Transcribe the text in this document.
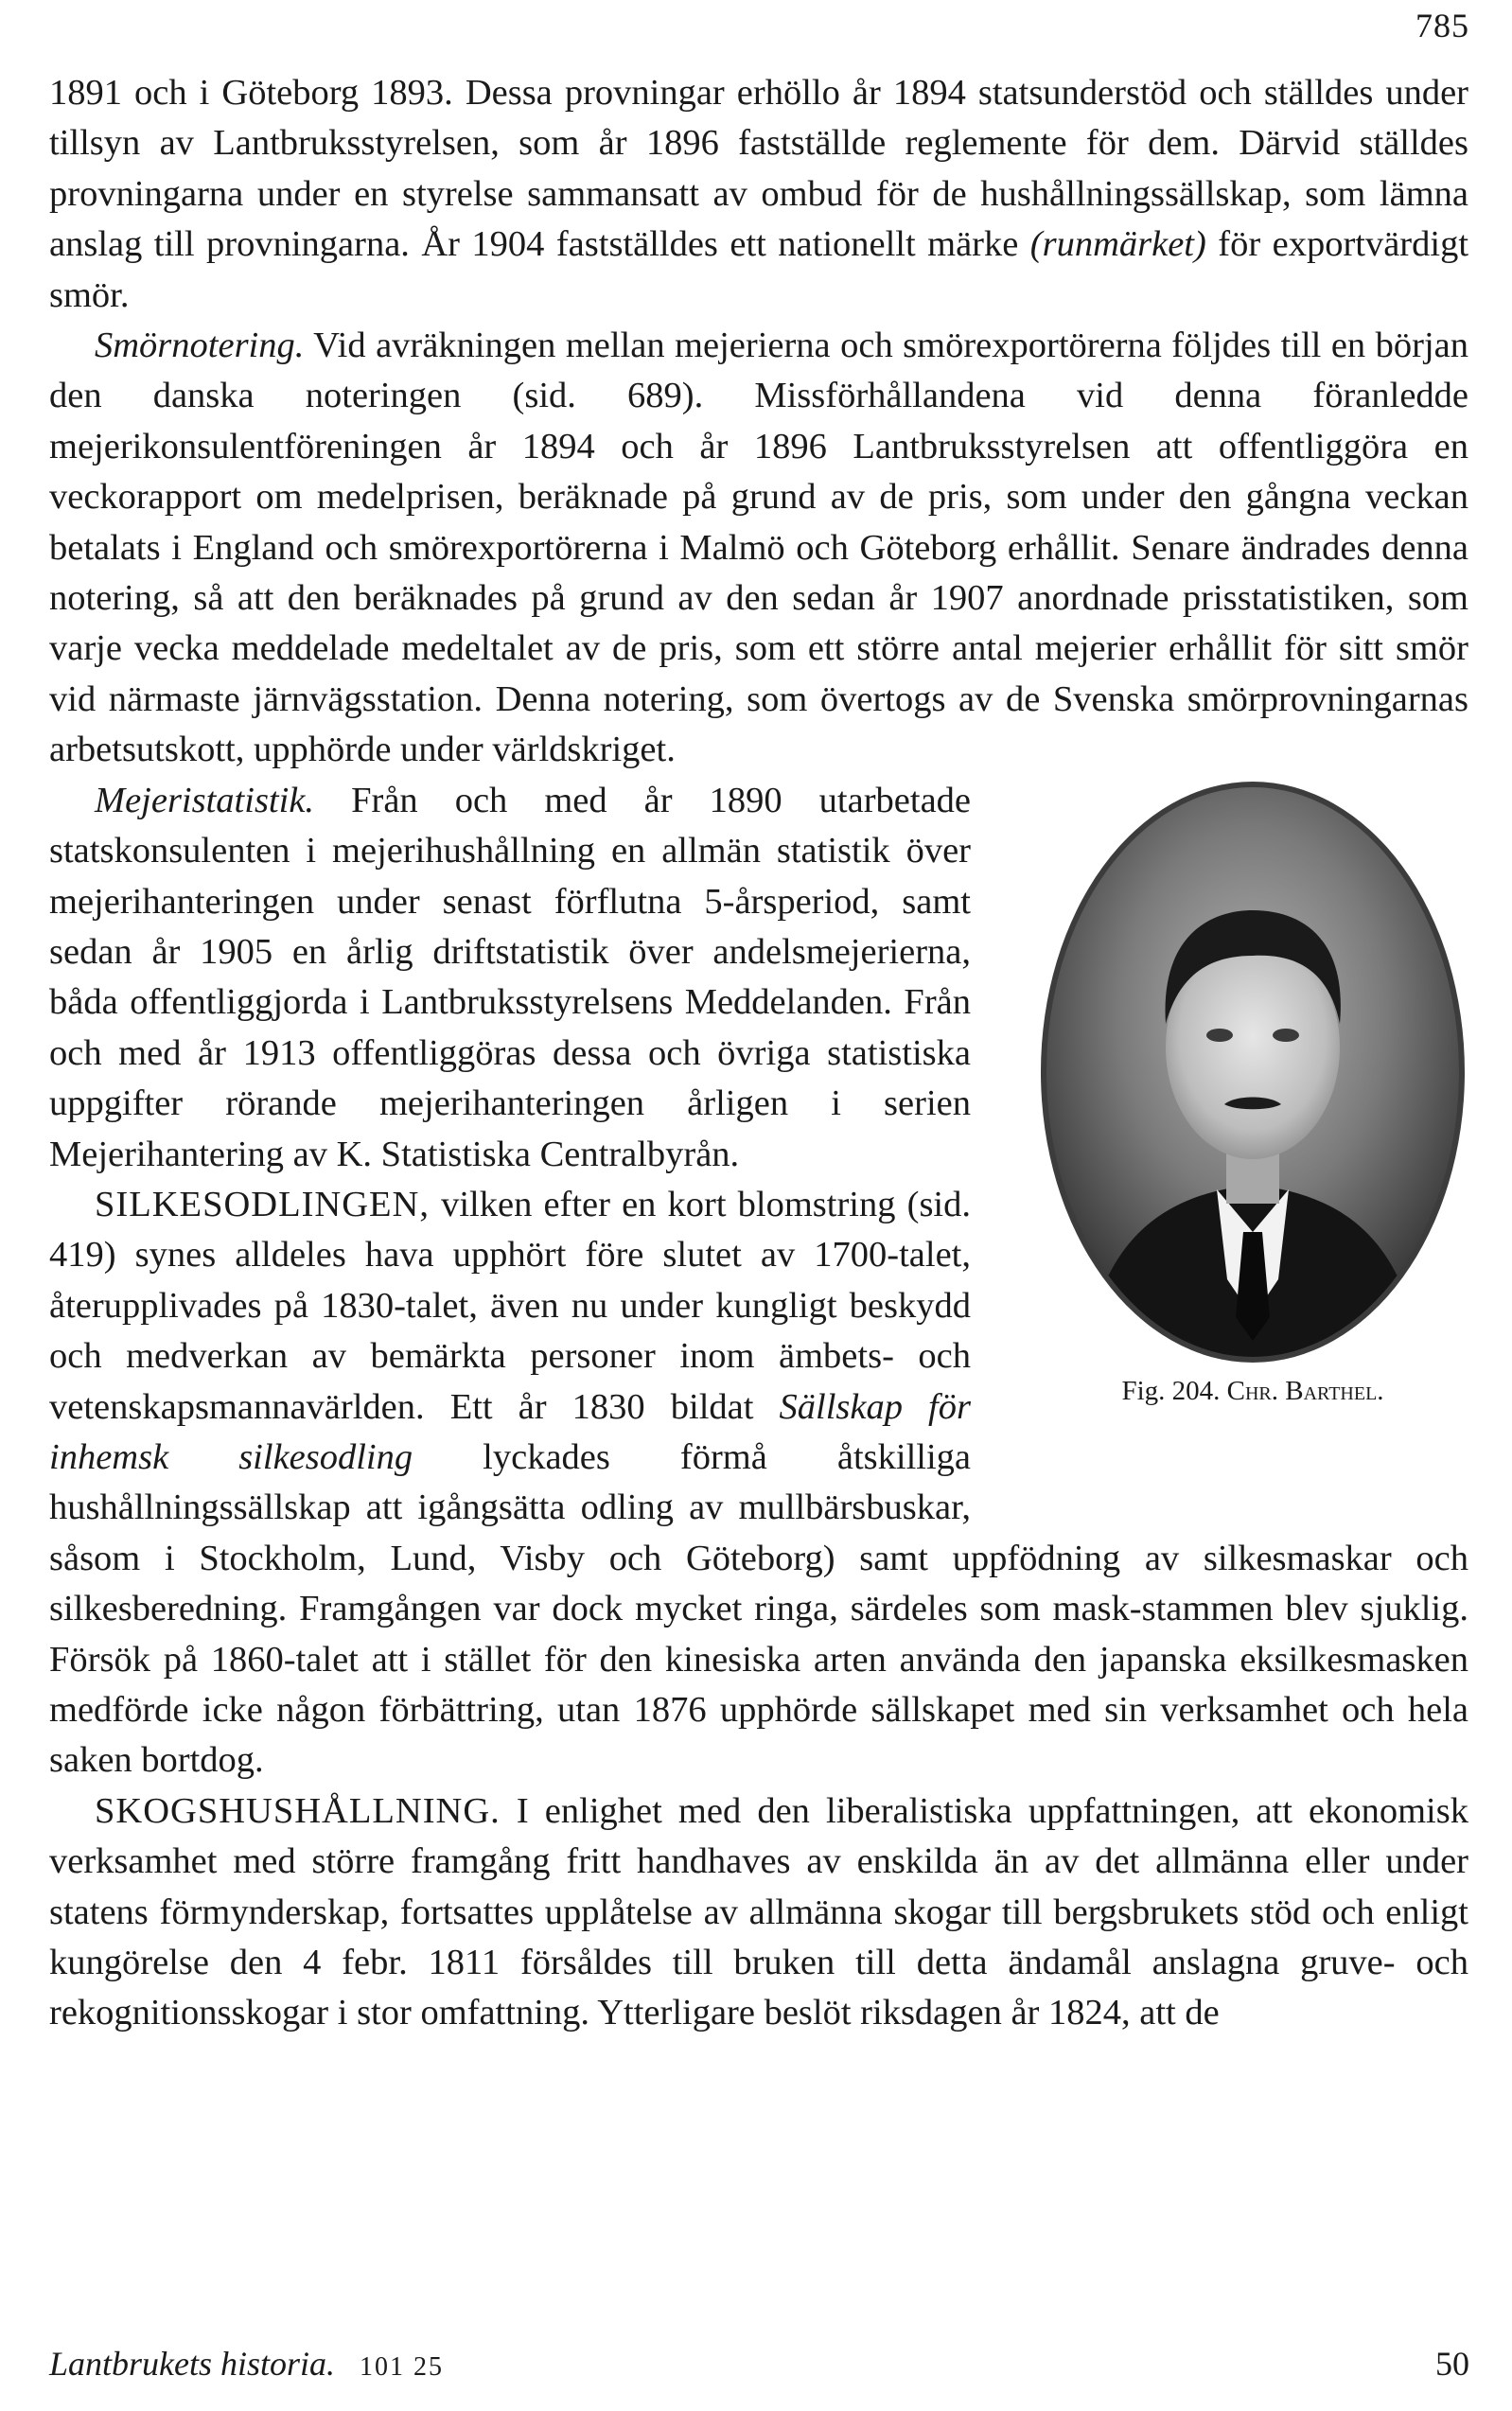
785

1891 och i Göteborg 1893. Dessa provningar erhöllo år 1894 statsunderstöd och ställdes under tillsyn av Lantbruksstyrelsen, som år 1896 fastställde reglemente för dem. Därvid ställdes provningarna under en styrelse sammansatt av ombud för de hushållningssällskap, som lämna anslag till provningarna. År 1904 fastställdes ett nationellt märke (runmärket) för exportvärdigt smör.

Smörnotering. Vid avräkningen mellan mejerierna och smörexportörerna följdes till en början den danska noteringen (sid. 689). Missförhållandena vid denna föranledde mejerikonsulentföreningen år 1894 och år 1896 Lantbruksstyrelsen att offentliggöra en veckorapport om medelprisen, beräknade på grund av de pris, som under den gångna veckan betalats i England och smörexportörerna i Malmö och Göteborg erhållit. Senare ändrades denna notering, så att den beräknades på grund av den sedan år 1907 anordnade prisstatistiken, som varje vecka meddelade medeltalet av de pris, som ett större antal mejerier erhållit för sitt smör vid närmaste järnvägsstation. Denna notering, som övertogs av de Svenska smörprovningarnas arbetsutskott, upphörde under världskriget.

Fig. 204. Chr. Barthel.

Mejeristatistik. Från och med år 1890 utarbetade statskonsulenten i mejerihushållning en allmän statistik över mejerihanteringen under senast förflutna 5-årsperiod, samt sedan år 1905 en årlig driftstatistik över andelsmejerierna, båda offentliggjorda i Lantbruksstyrelsens Meddelanden. Från och med år 1913 offentliggöras dessa och övriga statistiska uppgifter rörande mejerihanteringen årligen i serien Mejerihantering av K. Statistiska Centralbyrån.

SILKESODLINGEN, vilken efter en kort blomstring (sid. 419) synes alldeles hava upphört före slutet av 1700-talet, återupplivades på 1830-talet, även nu under kungligt beskydd och medverkan av bemärkta personer inom ämbets- och vetenskapsmannavärlden. Ett år 1830 bildat Sällskap för inhemsk silkesodling lyckades förmå åtskilliga hushållningssällskap att igångsätta odling av mullbärsbuskar, såsom i Stockholm, Lund, Visby och Göteborg) samt uppfödning av silkesmaskar och silkesberedning. Framgången var dock mycket ringa, särdeles som mask-stammen blev sjuklig. Försök på 1860-talet att i stället för den kinesiska arten använda den japanska eksilkesmasken medförde icke någon förbättring, utan 1876 upphörde sällskapet med sin verksamhet och hela saken bortdog.

SKOGSHUSHÅLLNING. I enlighet med den liberalistiska uppfattningen, att ekonomisk verksamhet med större framgång fritt handhaves av enskilda än av det allmänna eller under statens förmynderskap, fortsattes upplåtelse av allmänna skogar till bergsbrukets stöd och enligt kungörelse den 4 febr. 1811 försåldes till bruken till detta ändamål anslagna gruve- och rekognitionsskogar i stor omfattning. Ytterligare beslöt riksdagen år 1824, att de

Lantbrukets historia. 101 25	50
